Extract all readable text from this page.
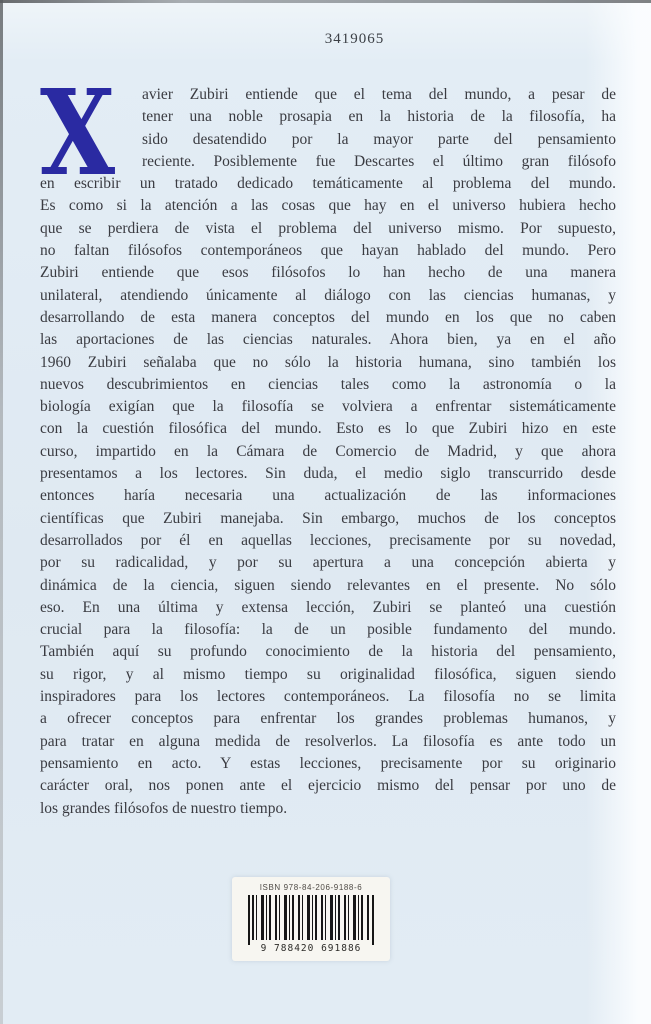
3419065
X	avier Zubiri entiende que el tema del mundo, a pesar de
tener una noble prosapia en la historia de la filosofía, ha
sido desatendido por la mayor parte del pensamiento
reciente. Posiblemente fue Descartes el último gran filósofo
en escribir un tratado dedicado temáticamente al problema del mundo.
Es como si la atención a las cosas que hay en el universo hubiera hecho
que se perdiera de vista el problema del universo mismo. Por supuesto,
no faltan filósofos contemporáneos que hayan hablado del mundo. Pero
Zubiri entiende que esos filósofos lo han hecho de una manera
unilateral, atendiendo únicamente al diálogo con las ciencias humanas, y
desarrollando de esta manera conceptos del mundo en los que no caben
las aportaciones de las ciencias naturales. Ahora bien, ya en el año
1960 Zubiri señalaba que no sólo la historia humana, sino también los
nuevos descubrimientos en ciencias tales como la astronomía o la
biología exigían que la filosofía se volviera a enfrentar sistemáticamente
con la cuestión filosófica del mundo. Esto es lo que Zubiri hizo en este
curso, impartido en la Cámara de Comercio de Madrid, y que ahora
presentamos a los lectores. Sin duda, el medio siglo transcurrido desde
entonces haría necesaria una actualización de las informaciones
científicas que Zubiri manejaba. Sin embargo, muchos de los conceptos
desarrollados por él en aquellas lecciones, precisamente por su novedad,
por su radicalidad, y por su apertura a una concepción abierta y
dinámica de la ciencia, siguen siendo relevantes en el presente. No sólo
eso. En una última y extensa lección, Zubiri se planteó una cuestión
crucial para la filosofía: la de un posible fundamento del mundo.
También aquí su profundo conocimiento de la historia del pensamiento,
su rigor, y al mismo tiempo su originalidad filosófica, siguen siendo
inspiradores para los lectores contemporáneos. La filosofía no se limita
a ofrecer conceptos para enfrentar los grandes problemas humanos, y
para tratar en alguna medida de resolverlos. La filosofía es ante todo un
pensamiento en acto. Y estas lecciones, precisamente por su originario
carácter oral, nos ponen ante el ejercicio mismo del pensar por uno de
los grandes filósofos de nuestro tiempo.
ISBN 978-84-206-9188-6
9 788420 691886
